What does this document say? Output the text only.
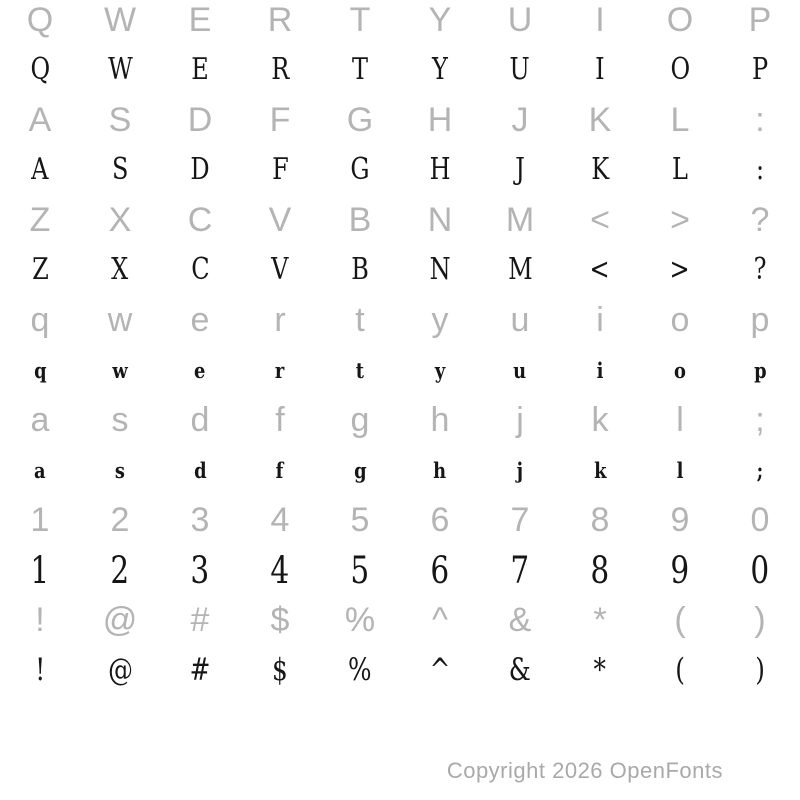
Q W E R T Y U I O P
Q W E R T Y U I O P
A S D F G H J K L :
A S D F G H J K L :
Z X C V B N M < > ?
Z X C V B N M < > ?
q w e r t y u i o p
q	w	e	r	t	y	u	i	o	p
a s d f g h j k l ;
a	s	d	f	g	h	j	k	l	;
1 2 3 4 5 6 7 8 9 0
1 2 3 4 5 6 7 8 9 0
! @ # $ % ^ & * ( )
! @ # $ % ^ & * ( )
Copyright 2026 OpenFonts
